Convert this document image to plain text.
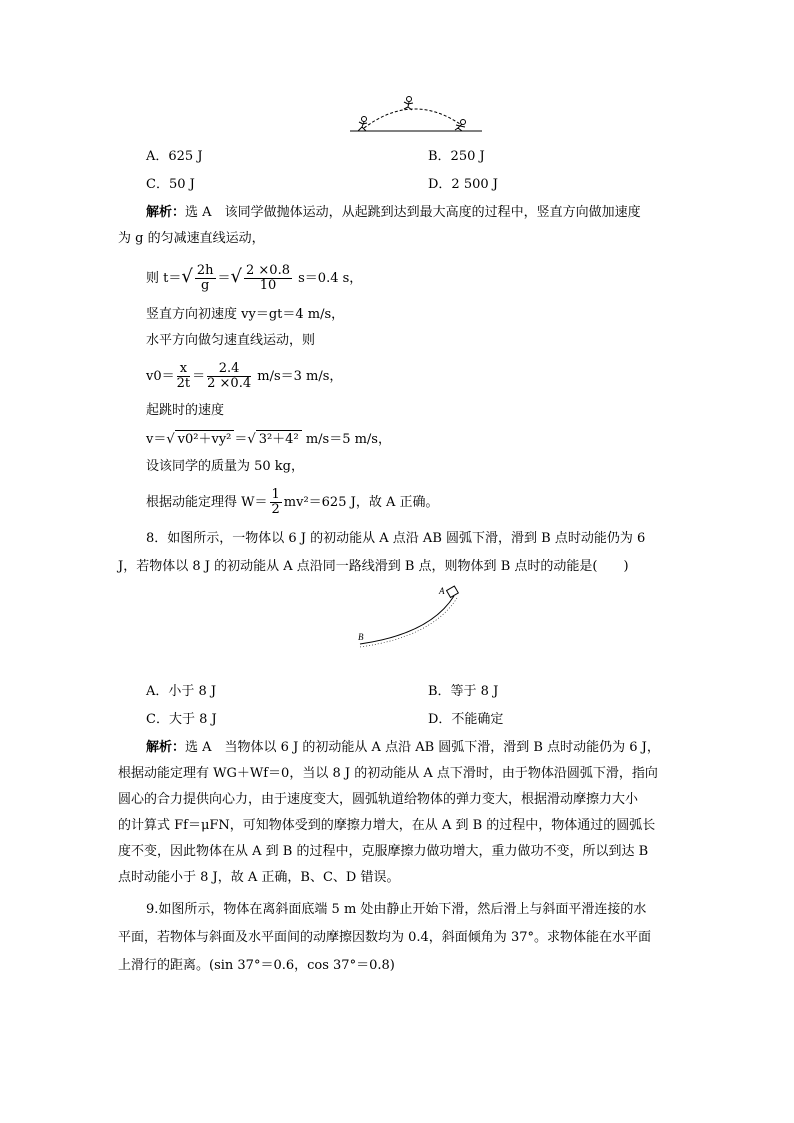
A．625 J	B．250 J
C．50 J	D．2 500 J
解析：选 A　 该同学做抛体运动，从起跳到达到最大高度的过程中，竖直方向做加速度
为 g 的匀减速直线运动，
则 $t=√ \frac{2h}{g}$ ＝√ $\frac{2 \times 0.8}{10} s=0.4$ s，
竖直方向初速度 vy＝gt＝4 m/s，
水平方向做匀速直线运动，则
$v0= \frac{x}{2t} = \frac{2.4}{2 \times 0.4} m/s=3$ m/s，
起跳时的速度
v＝√ v0²＋vy² ＝√ 3²＋4² m/s＝5 m/s，
设该同学的质量为 50 kg，
根据动能定理得 $W= \frac{1}{2} mv^2=625$ J，故 A 正确。
8．如图所示，一物体以 6 J 的初动能从 A 点沿 AB 圆弧下滑，滑到 B 点时动能仍为 6
J，若物体以 8 J 的初动能从 A 点沿同一路线滑到 B 点，则物体到 B 点时的动能是(　　)
A
B
A．小于 8 J	B．等于 8 J
C．大于 8 J	D．不能确定
解析：选 A　当物体以 6 J 的初动能从 A 点沿 AB 圆弧下滑，滑到 B 点时动能仍为 6 J，
根据动能定理有 WG＋Wf＝0，当以 8 J 的初动能从 A 点下滑时，由于物体沿圆弧下滑，指向
圆心的合力提供向心力，由于速度变大，圆弧轨道给物体的弹力变大，根据滑动摩擦力大小
的计算式 Ff＝μFN，可知物体受到的摩擦力增大，在从 A 到 B 的过程中，物体通过的圆弧长
度不变，因此物体在从 A 到 B 的过程中，克服摩擦力做功增大，重力做功不变，所以到达 B
点时动能小于 8 J，故 A 正确，B、C、D 错误。
9.如图所示，物体在离斜面底端 5 m 处由静止开始下滑，然后滑上与斜面平滑连接的水
平面，若物体与斜面及水平面间的动摩擦因数均为 0.4，斜面倾角为 37°。求物体能在水平面
上滑行的距离。(sin 37°＝0.6，cos 37°＝0.8)
